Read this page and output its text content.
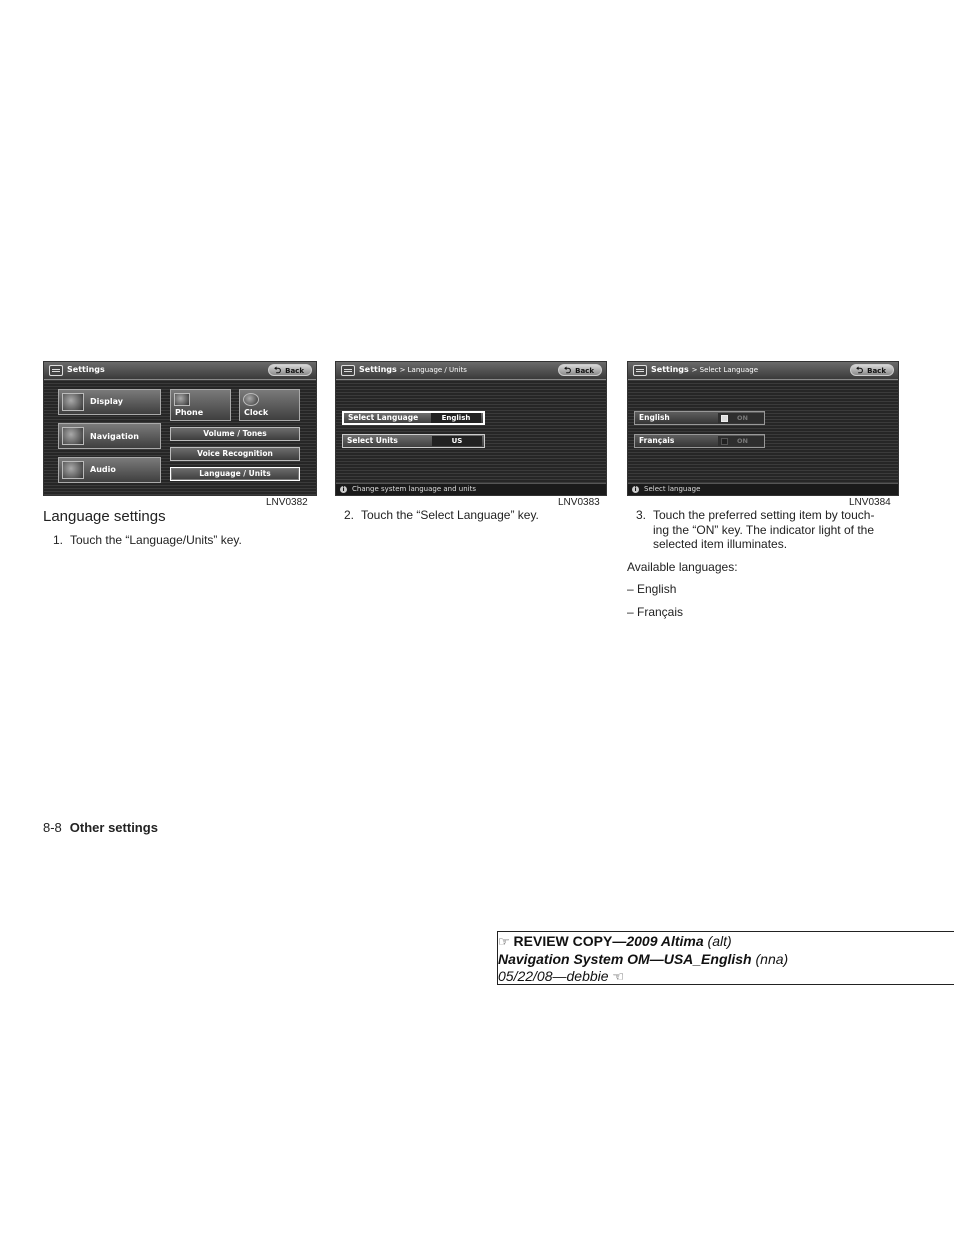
Settings	⮌ Back
Display
Navigation
Audio
Phone	Clock
Volume / Tones
Voice Recognition
Language / Units
LNV0382
Settings > Language / Units	⮌ Back
Select Language	English
Select Units	US
i	Change system language and units
LNV0383
Settings > Select Language	⮌ Back
English	ON
Français	ON
i	Select language
LNV0384
Language settings
1. Touch the “Language/Units” key.
2. Touch the “Select Language” key.	3. Touch the preferred setting item by touch-
ing the “ON” key. The indicator light of the
selected item illuminates.
Available languages:
– English
– Français
8-8 Other settings
☞ REVIEW COPY—2009 Altima (alt)
Navigation System OM—USA_English (nna)
05/22/08—debbie ☜
